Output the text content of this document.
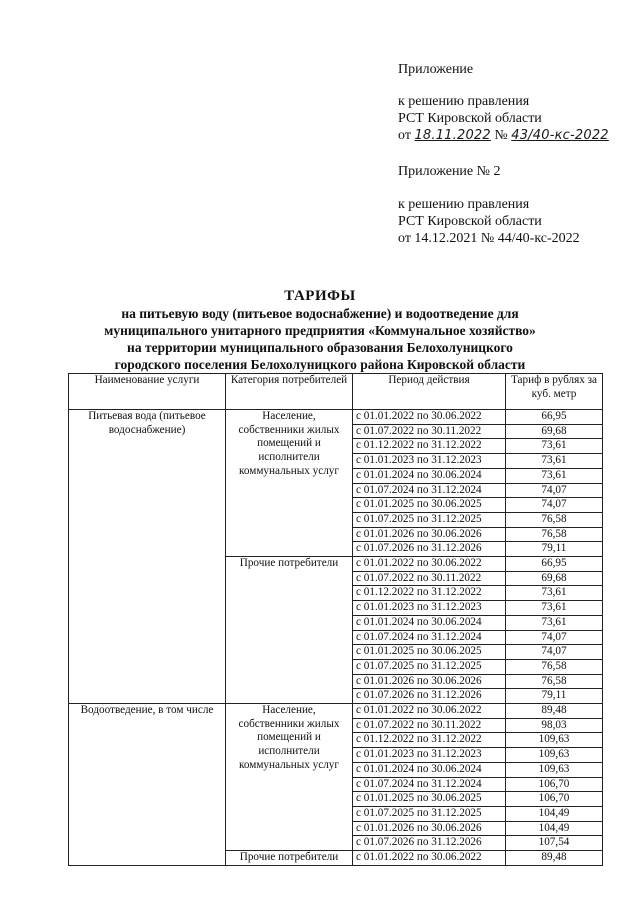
Приложение
к решению правления
РСТ Кировской области
от 18.11.2022 № 43/40-кс-2022
Приложение № 2
к решению правления
РСТ Кировской области
от 14.12.2021 № 44/40-кс-2022
ТАРИФЫ
на питьевую воду (питьевое водоснабжение) и водоотведение для
муниципального унитарного предприятия «Коммунальное хозяйство»
на территории муниципального образования Белохолуницкого
городского поселения Белохолуницкого района Кировской области
Наименование услуги	Категория потребителей	Период действия	Тариф в рублях за куб. метр
Питьевая вода (питьевое водоснабжение)	Население, собственники жилых помещений и исполнители коммунальных услуг	с 01.01.2022 по 30.06.2022	66,95
		с 01.07.2022 по 30.11.2022	69,68
		с 01.12.2022 по 31.12.2022	73,61
		с 01.01.2023 по 31.12.2023	73,61
		с 01.01.2024 по 30.06.2024	73,61
		с 01.07.2024 по 31.12.2024	74,07
		с 01.01.2025 по 30.06.2025	74,07
		с 01.07.2025 по 31.12.2025	76,58
		с 01.01.2026 по 30.06.2026	76,58
		с 01.07.2026 по 31.12.2026	79,11
	Прочие потребители	с 01.01.2022 по 30.06.2022	66,95
		с 01.07.2022 по 30.11.2022	69,68
		с 01.12.2022 по 31.12.2022	73,61
		с 01.01.2023 по 31.12.2023	73,61
		с 01.01.2024 по 30.06.2024	73,61
		с 01.07.2024 по 31.12.2024	74,07
		с 01.01.2025 по 30.06.2025	74,07
		с 01.07.2025 по 31.12.2025	76,58
		с 01.01.2026 по 30.06.2026	76,58
		с 01.07.2026 по 31.12.2026	79,11
Водоотведение, в том числе	Население, собственники жилых помещений и исполнители коммунальных услуг	с 01.01.2022 по 30.06.2022	89,48
		с 01.07.2022 по 30.11.2022	98,03
		с 01.12.2022 по 31.12.2022	109,63
		с 01.01.2023 по 31.12.2023	109,63
		с 01.01.2024 по 30.06.2024	109,63
		с 01.07.2024 по 31.12.2024	106,70
		с 01.01.2025 по 30.06.2025	106,70
		с 01.07.2025 по 31.12.2025	104,49
		с 01.01.2026 по 30.06.2026	104,49
		с 01.07.2026 по 31.12.2026	107,54
	Прочие потребители	с 01.01.2022 по 30.06.2022	89,48
